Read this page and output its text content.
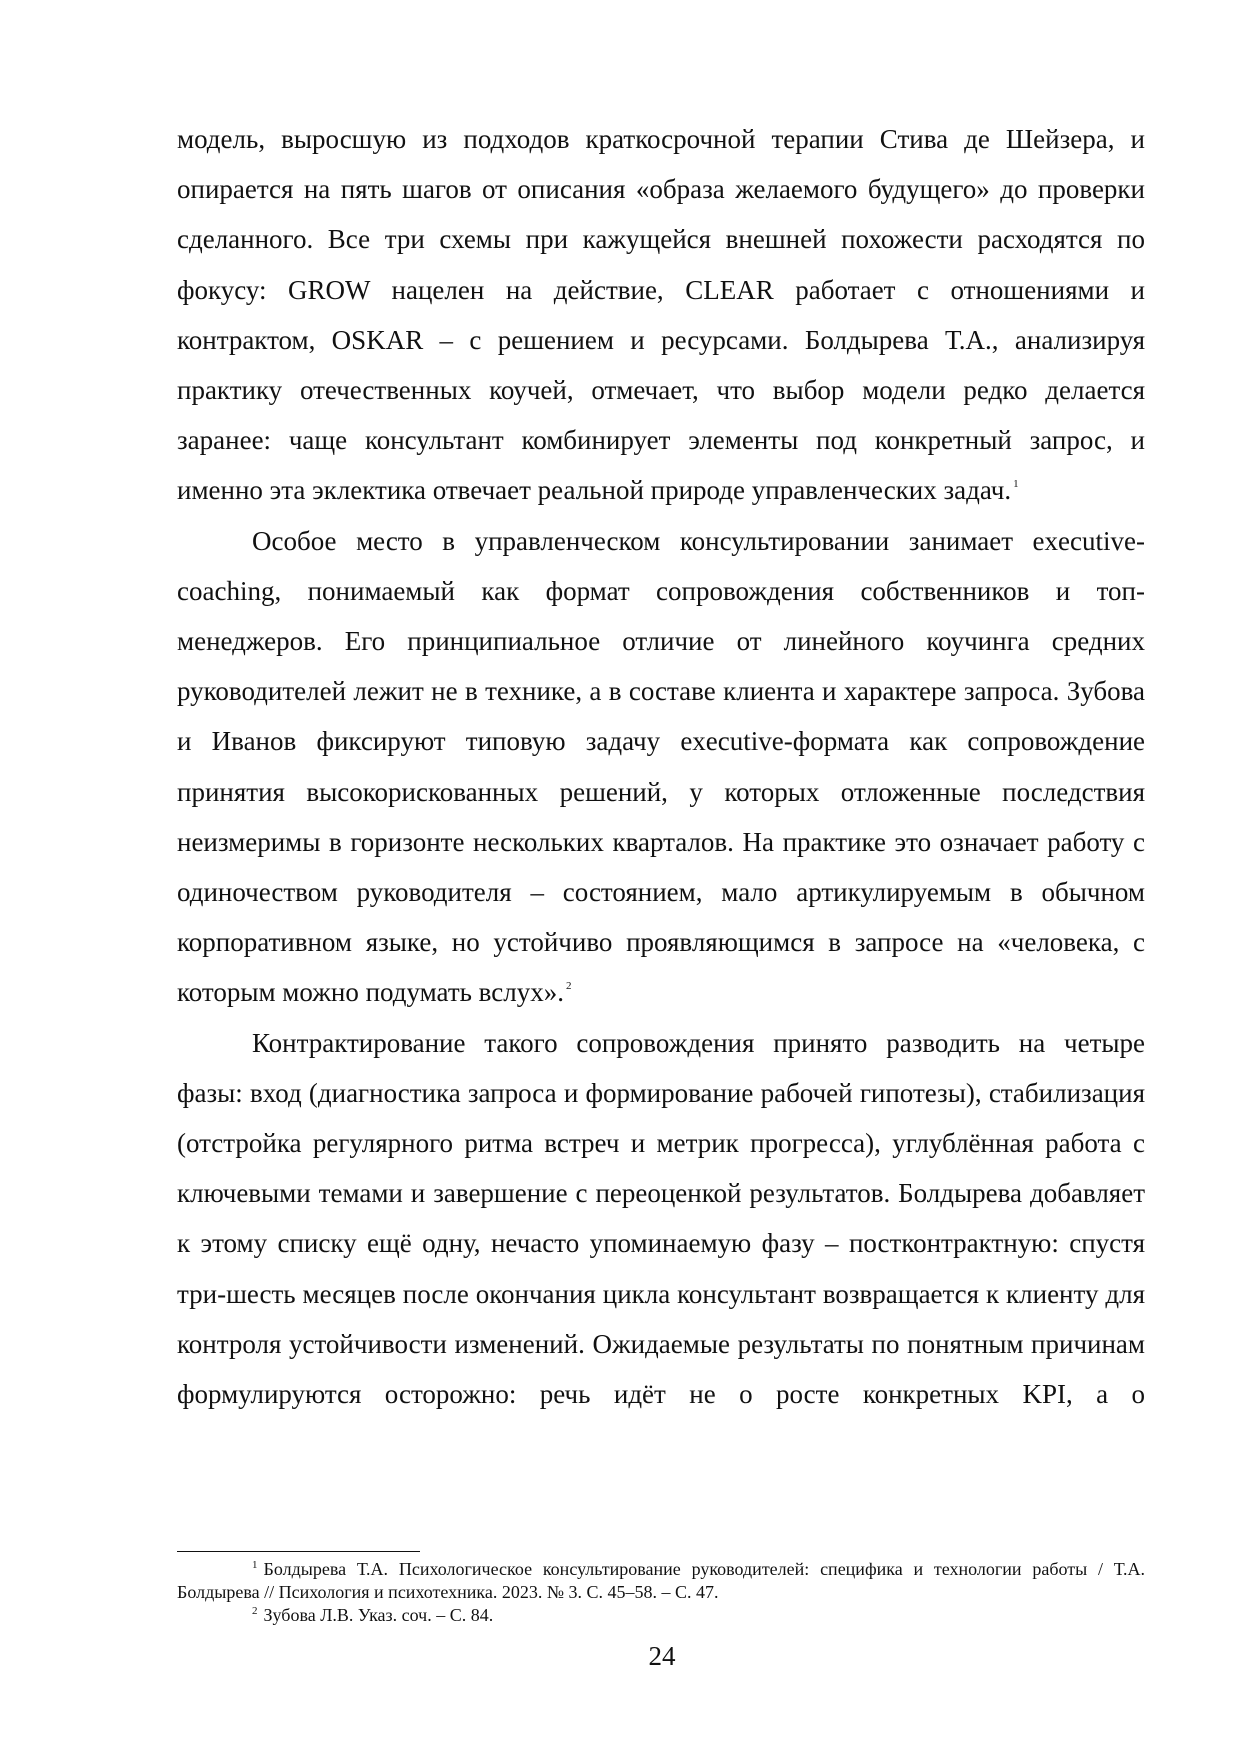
модель, выросшую из подходов краткосрочной терапии Стива де Шейзера, и опирается на пять шагов от описания «образа желаемого будущего» до проверки сделанного. Все три схемы при кажущейся внешней похожести расходятся по фокусу: GROW нацелен на действие, CLEAR работает с отношениями и контрактом, OSKAR – с решением и ресурсами. Болдырева Т.А., анализируя практику отечественных коучей, отмечает, что выбор модели редко делается заранее: чаще консультант комбинирует элементы под конкретный запрос, и именно эта эклектика отвечает реальной природе управленческих задач. $^1$

Особое место в управленческом консультировании занимает executive-coaching, понимаемый как формат сопровождения собственников и топ-менеджеров. Его принципиальное отличие от линейного коучинга средних руководителей лежит не в технике, а в составе клиента и характере запроса. Зубова и Иванов фиксируют типовую задачу executive-формата как сопровождение принятия высокорискованных решений, у которых отложенные последствия неизмеримы в горизонте нескольких кварталов. На практике это означает работу с одиночеством руководителя – состоянием, мало артикулируемым в обычном корпоративном языке, но устойчиво проявляющимся в запросе на «человека, с которым можно подумать вслух». $^2$

Контрактирование такого сопровождения принято разводить на четыре фазы: вход (диагностика запроса и формирование рабочей гипотезы), стабилизация (отстройка регулярного ритма встреч и метрик прогресса), углублённая работа с ключевыми темами и завершение с переоценкой результатов. Болдырева добавляет к этому списку ещё одну, нечасто упоминаемую фазу – постконтрактную: спустя три-шесть месяцев после окончания цикла консультант возвращается к клиенту для контроля устойчивости изменений. Ожидаемые результаты по понятным причинам формулируются осторожно: речь идёт не о росте конкретных KPI, а о

$^1$ Болдырева Т.А. Психологическое консультирование руководителей: специфика и технологии работы / Т.А. Болдырева // Психология и психотехника. 2023. № 3. С. 45–58. – С. 47.

$^2$ Зубова Л.В. Указ. соч. – С. 84.

24
